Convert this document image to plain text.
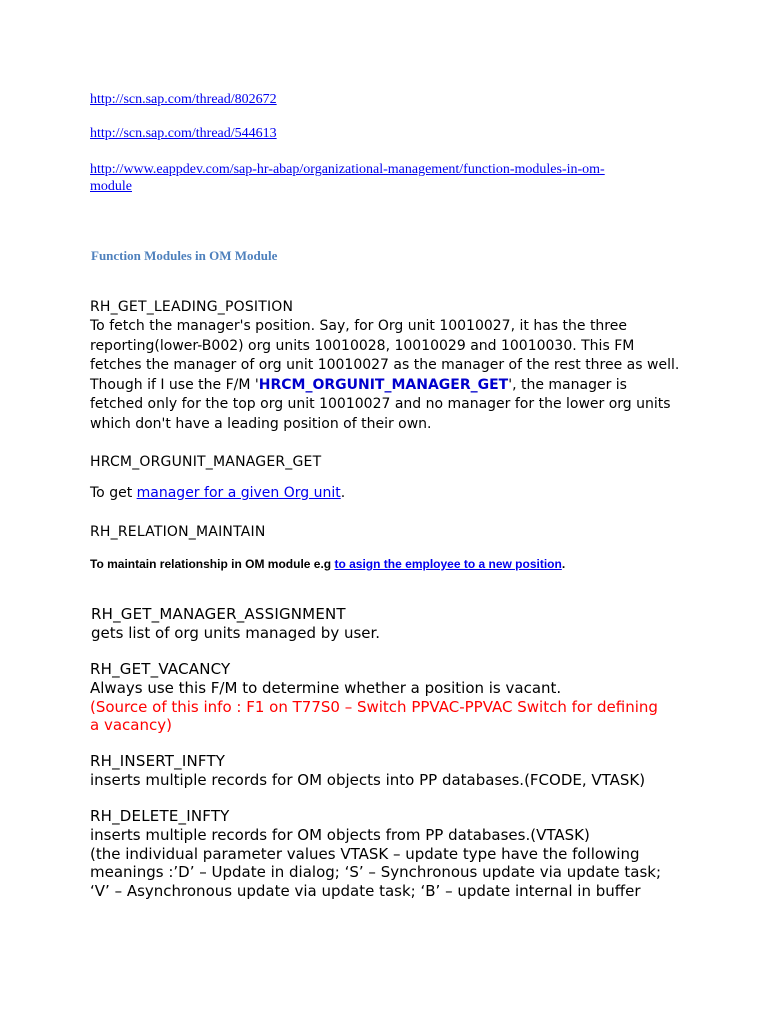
http://scn.sap.com/thread/802672
http://scn.sap.com/thread/544613
http://www.eappdev.com/sap-hr-abap/organizational-management/function-modules-in-om-
module
Function Modules in OM Module
RH_GET_LEADING_POSITION
To fetch the manager's position. Say, for Org unit 10010027, it has the three
reporting(lower-B002) org units 10010028, 10010029 and 10010030. This FM
fetches the manager of org unit 10010027 as the manager of the rest three as well.
Though if I use the F/M 'HRCM_ORGUNIT_MANAGER_GET', the manager is
fetched only for the top org unit 10010027 and no manager for the lower org units
which don't have a leading position of their own.
HRCM_ORGUNIT_MANAGER_GET
To get manager for a given Org unit.
RH_RELATION_MAINTAIN
To maintain relationship in OM module e.g to asign the employee to a new position.
RH_GET_MANAGER_ASSIGNMENT
gets list of org units managed by user.
RH_GET_VACANCY
Always use this F/M to determine whether a position is vacant.
(Source of this info : F1 on T77S0 – Switch PPVAC-PPVAC Switch for defining
a vacancy)
RH_INSERT_INFTY
inserts multiple records for OM objects into PP databases.(FCODE, VTASK)
RH_DELETE_INFTY
inserts multiple records for OM objects from PP databases.(VTASK)
(the individual parameter values VTASK – update type have the following
meanings :’D’ – Update in dialog; ‘S’ – Synchronous update via update task;
‘V’ – Asynchronous update via update task; ‘B’ – update internal in buffer
